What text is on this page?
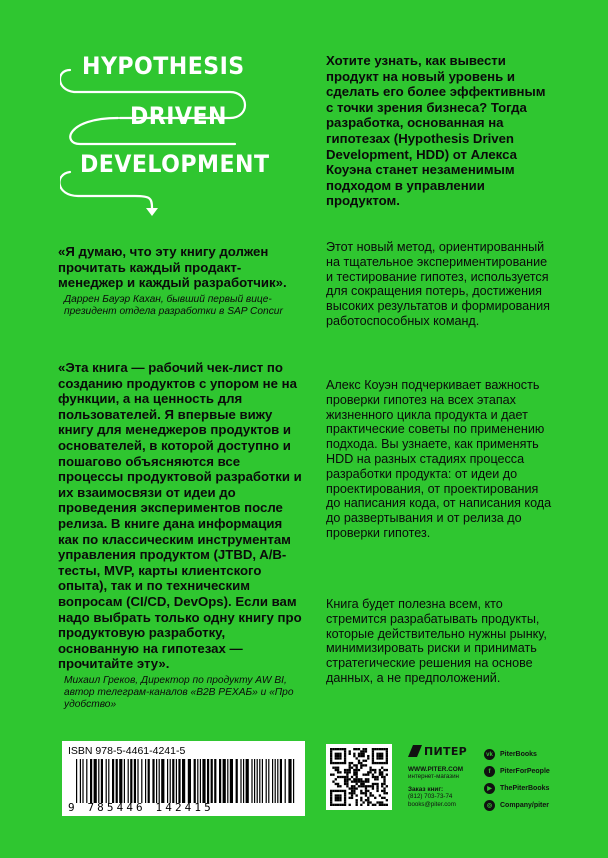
HYPOTHESIS
DRIVEN
DEVELOPMENT

«Я думаю, что эту книгу должен прочитать каждый продакт-менеджер и каждый разработчик».

Даррен Бауэр Кахан, бывший первый вице-президент отдела разработки в SAP Concur

«Эта книга — рабочий чек-лист по созданию продуктов с упором не на функции, а на ценность для пользователей. Я впервые вижу книгу для менеджеров продуктов и основателей, в которой доступно и пошагово объясняются все процессы продуктовой разработки и их взаимосвязи от идеи до проведения экспериментов после релиза. В книге дана информация как по классическим инструментам управления продуктом (JTBD, A/B-тесты, MVP, карты клиентского опыта), так и по техническим вопросам (CI/CD, DevOps). Если вам надо выбрать только одну книгу про продуктовую разработку, основанную на гипотезах — прочитайте эту».

Михаил Греков, Директор по продукту AW BI, автор телеграм-каналов «B2B РЕХАБ» и «Про удобство»

Хотите узнать, как вывести продукт на новый уровень и сделать его более эффективным с точки зрения бизнеса? Тогда разработка, основанная на гипотезах (Hypothesis Driven Development, HDD) от Алекса Коуэна станет незаменимым подходом в управлении продуктом.

Этот новый метод, ориентированный на тщательное экспериментирование и тестирование гипотез, используется для сокращения потерь, достижения высоких результатов и формирования работоспособных команд.

Алекс Коуэн подчеркивает важность проверки гипотез на всех этапах жизненного цикла продукта и дает практические советы по применению подхода. Вы узнаете, как применять HDD на разных стадиях процесса разработки продукта: от идеи до проектирования, от проектирования до написания кода, от написания кода до развертывания и от релиза до проверки гипотез.

Книга будет полезна всем, кто стремится разрабатывать продукты, которые действительно нужны рынку, минимизировать риски и принимать стратегические решения на основе данных, а не предположений.

ISBN 978-5-4461-4241-5
9 785446 142415
ПИТЕР
WWW.PITER.COM
интернет-магазин
Заказ книг:
(812) 703-73-74
books@piter.com
vk	PiterBooks
f	PiterForPeople
▶	ThePiterBooks
◎	Company/piter
